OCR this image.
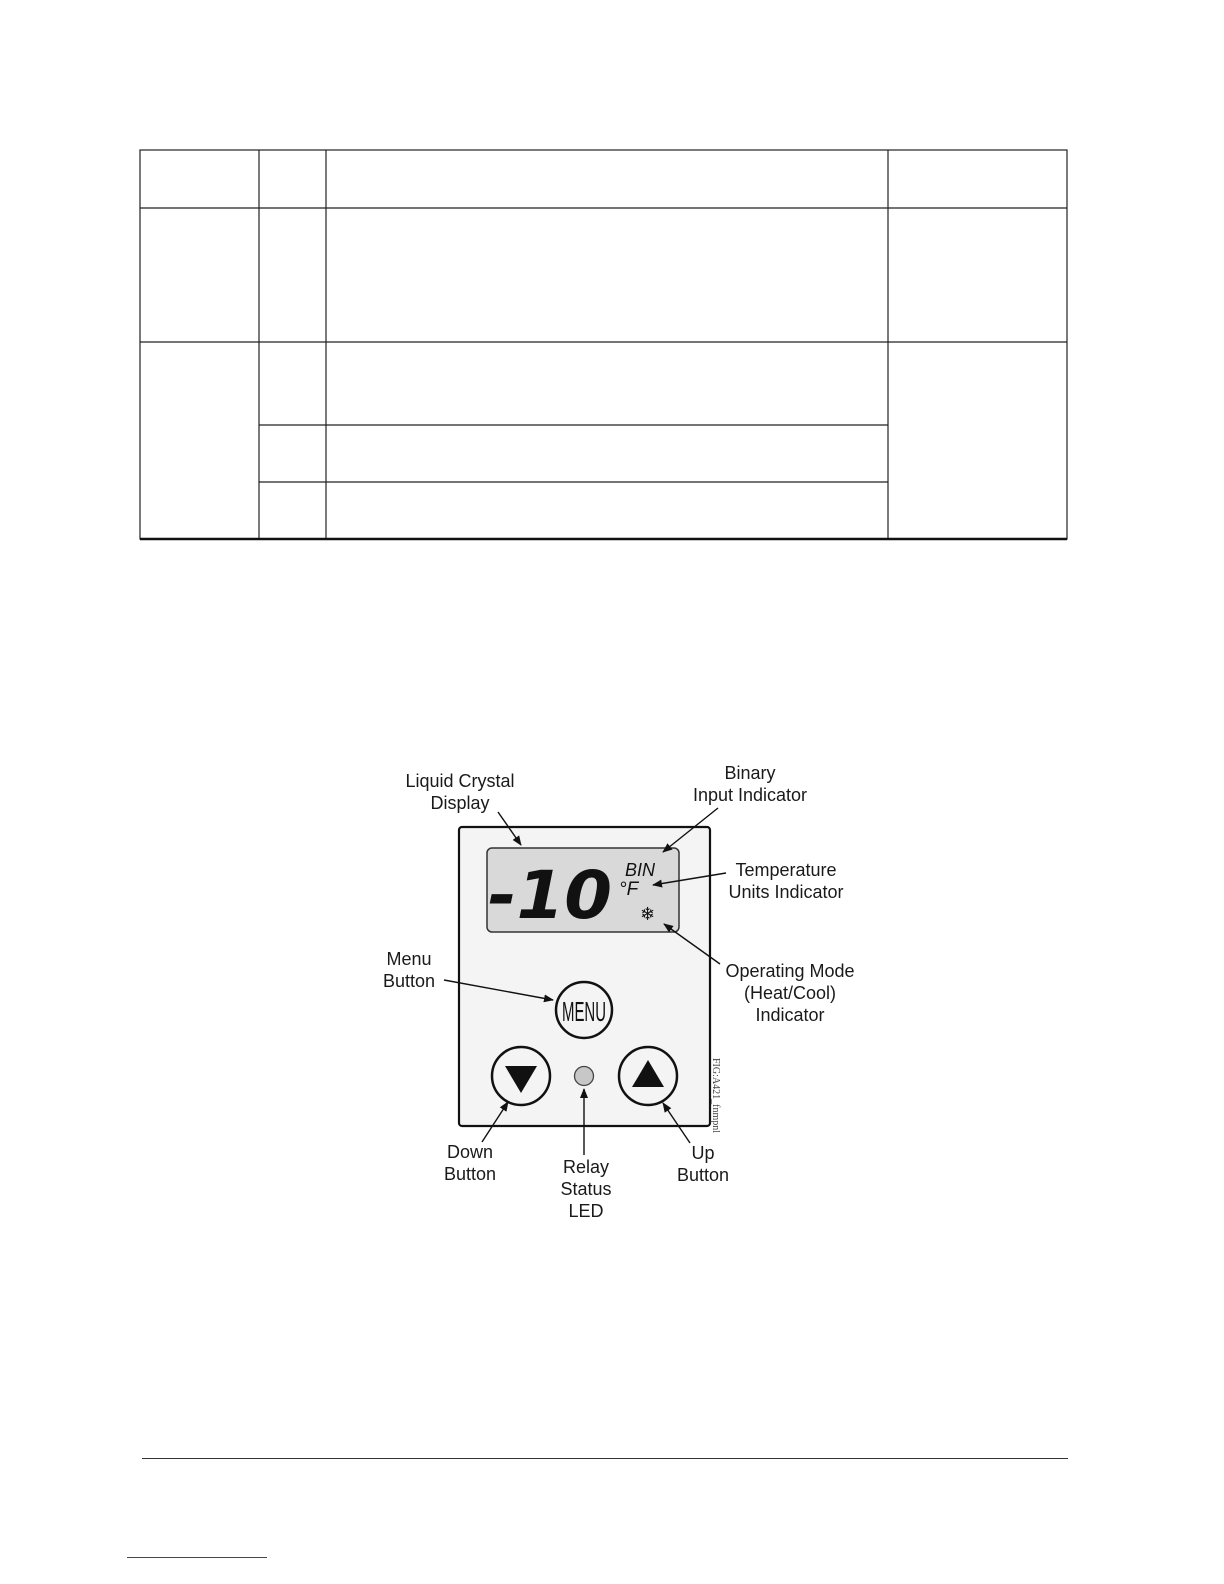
-10 BIN
°F
❄
MENU
FIG:A421_fnmpnl
Liquid Crystal
Display
Binary
Input Indicator
Temperature
Units Indicator
Operating Mode
(Heat/Cool)
Indicator
Menu
Button
Down
Button	Relay
Status
LED
Up
Button
